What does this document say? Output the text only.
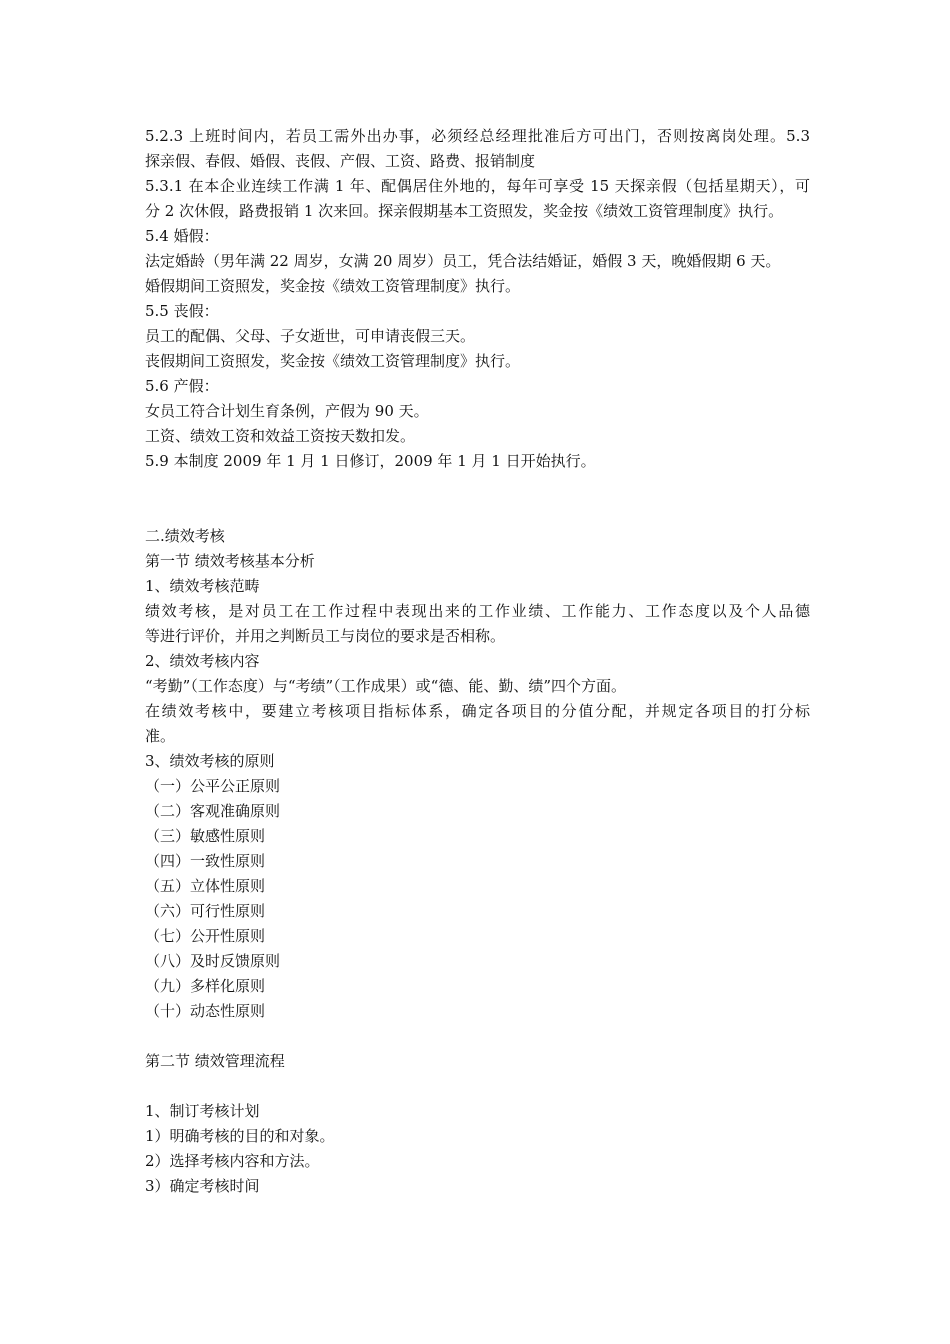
5.2.3 上班时间内，若员工需外出办事，必须经总经理批准后方可出门，否则按离岗处理。5.3
探亲假、春假、婚假、丧假、产假、工资、路费、报销制度
5.3.1 在本企业连续工作满 1 年、配偶居住外地的，每年可享受 15 天探亲假（包括星期天），可
分 2 次休假，路费报销 1 次来回。探亲假期基本工资照发，奖金按《绩效工资管理制度》执行。
5.4 婚假：
法定婚龄（男年满 22 周岁，女满 20 周岁）员工，凭合法结婚证，婚假 3 天，晚婚假期 6 天。
婚假期间工资照发，奖金按《绩效工资管理制度》执行。
5.5 丧假：
员工的配偶、父母、子女逝世，可申请丧假三天。
丧假期间工资照发，奖金按《绩效工资管理制度》执行。
5.6 产假：
女员工符合计划生育条例，产假为 90 天。
工资、绩效工资和效益工资按天数扣发。
5.9 本制度 2009 年 1 月 1 日修订，2009 年 1 月 1 日开始执行。
二.绩效考核
第一节 绩效考核基本分析
1、绩效考核范畴
绩效考核，是对员工在工作过程中表现出来的工作业绩、工作能力、工作态度以及个人品德
等进行评价，并用之判断员工与岗位的要求是否相称。
2、绩效考核内容
“考勤”（工作态度）与“考绩”（工作成果）或“德、能、勤、绩”四个方面。
在绩效考核中，要建立考核项目指标体系，确定各项目的分值分配，并规定各项目的打分标
准。
3、绩效考核的原则
（一）公平公正原则
（二）客观准确原则
（三）敏感性原则
（四）一致性原则
（五）立体性原则
（六）可行性原则
（七）公开性原则
（八）及时反馈原则
（九）多样化原则
（十）动态性原则
第二节 绩效管理流程
1、制订考核计划
1）明确考核的目的和对象。
2）选择考核内容和方法。
3）确定考核时间
